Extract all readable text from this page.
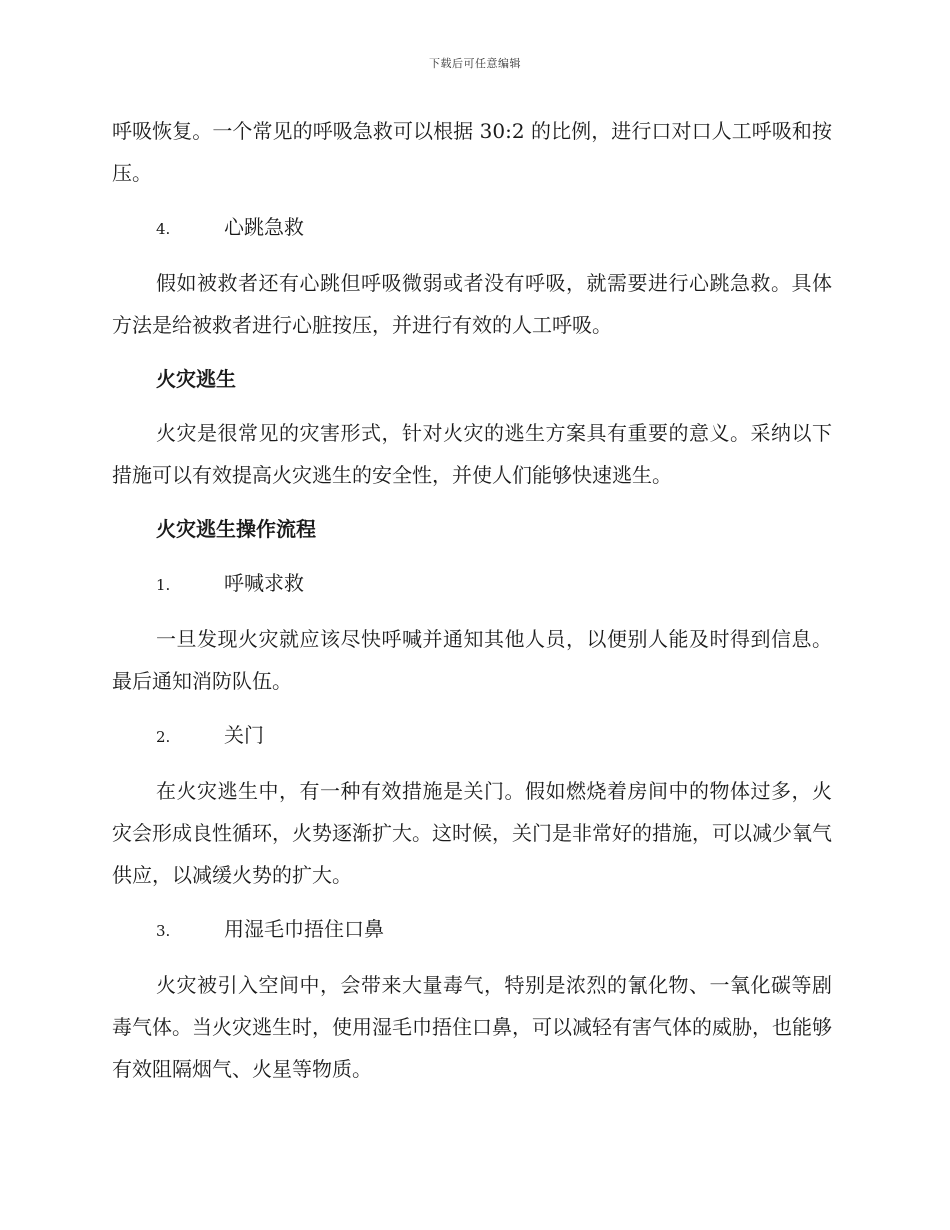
下载后可任意编辑

呼吸恢复。一个常见的呼吸急救可以根据 30:2 的比例，进行口对口人工呼吸和按压。

4.	心跳急救

假如被救者还有心跳但呼吸微弱或者没有呼吸，就需要进行心跳急救。具体方法是给被救者进行心脏按压，并进行有效的人工呼吸。

火灾逃生

火灾是很常见的灾害形式，针对火灾的逃生方案具有重要的意义。采纳以下措施可以有效提高火灾逃生的安全性，并使人们能够快速逃生。

火灾逃生操作流程
1.	呼喊求救

一旦发现火灾就应该尽快呼喊并通知其他人员，以便别人能及时得到信息。最后通知消防队伍。

2.	关门

在火灾逃生中，有一种有效措施是关门。假如燃烧着房间中的物体过多，火灾会形成良性循环，火势逐渐扩大。这时候，关门是非常好的措施，可以减少氧气供应，以减缓火势的扩大。

3.	用湿毛巾捂住口鼻

火灾被引入空间中，会带来大量毒气，特别是浓烈的氰化物、一氧化碳等剧毒气体。当火灾逃生时，使用湿毛巾捂住口鼻，可以减轻有害气体的威胁，也能够有效阻隔烟气、火星等物质。
